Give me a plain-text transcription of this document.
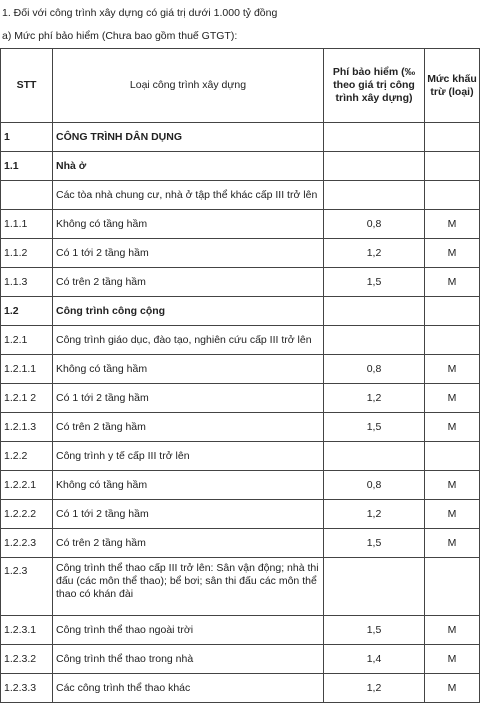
1. Đối với công trình xây dựng có giá trị dưới 1.000 tỷ đồng

a) Mức phí bảo hiểm (Chưa bao gồm thuế GTGT):

STT	Loại công trình xây dựng	Phí bảo hiểm (‰ theo giá trị công trình xây dựng)	Mức khấu trừ (loại)
1	CÔNG TRÌNH DÂN DỤNG		
1.1	Nhà ở		
	Các tòa nhà chung cư, nhà ở tập thể khác cấp III trở lên		
1.1.1	Không có tầng hầm	0,8	M
1.1.2	Có 1 tới 2 tầng hầm	1,2	M
1.1.3	Có trên 2 tầng hầm	1,5	M
1.2	Công trình công cộng		
1.2.1	Công trình giáo dục, đào tạo, nghiên cứu cấp III trở lên		
1.2.1.1	Không có tầng hầm	0,8	M
1.2.1 2	Có 1 tới 2 tầng hầm	1,2	M
1.2.1.3	Có trên 2 tầng hầm	1,5	M
1.2.2	Công trình y tế cấp III trở lên		
1.2.2.1	Không có tầng hầm	0,8	M
1.2.2.2	Có 1 tới 2 tầng hầm	1,2	M
1.2.2.3	Có trên 2 tầng hầm	1,5	M
1.2.3	Công trình thể thao cấp III trở lên: Sân vận động; nhà thi đấu (các môn thể thao); bể bơi; sân thi đấu các môn thể thao có khán đài		
1.2.3.1	Công trình thể thao ngoài trời	1,5	M
1.2.3.2	Công trình thể thao trong nhà	1,4	M
1.2.3.3	Các công trình thể thao khác	1,2	M
